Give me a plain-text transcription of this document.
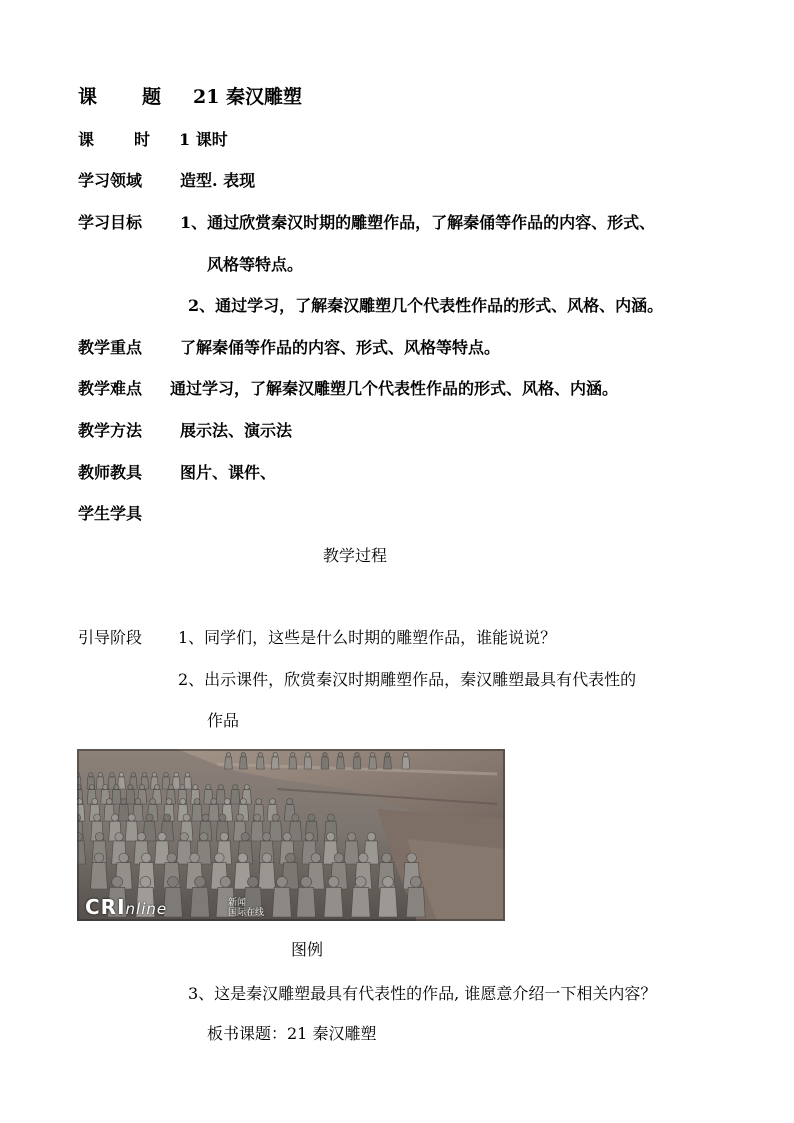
课 题 21 秦汉雕塑
课 时 1 课时
学习领域 造型. 表现
学习目标 1、通过欣赏秦汉时期的雕塑作品，了解秦俑等作品的内容、形式、
风格等特点。
2、通过学习，了解秦汉雕塑几个代表性作品的形式、风格、内涵。
教学重点 了解秦俑等作品的内容、形式、风格等特点。
教学难点 通过学习，了解秦汉雕塑几个代表性作品的形式、风格、内涵。
教学方法 展示法、演示法
教师教具 图片、课件、
学生学具
教学过程
引导阶段 1、同学们，这些是什么时期的雕塑作品，谁能说说？
2、出示课件，欣赏秦汉时期雕塑作品，秦汉雕塑最具有代表性的
作品
CRInline	新闻
国际在线
图例
3、这是秦汉雕塑最具有代表性的作品, 谁愿意介绍一下相关内容？
板书课题：21 秦汉雕塑
